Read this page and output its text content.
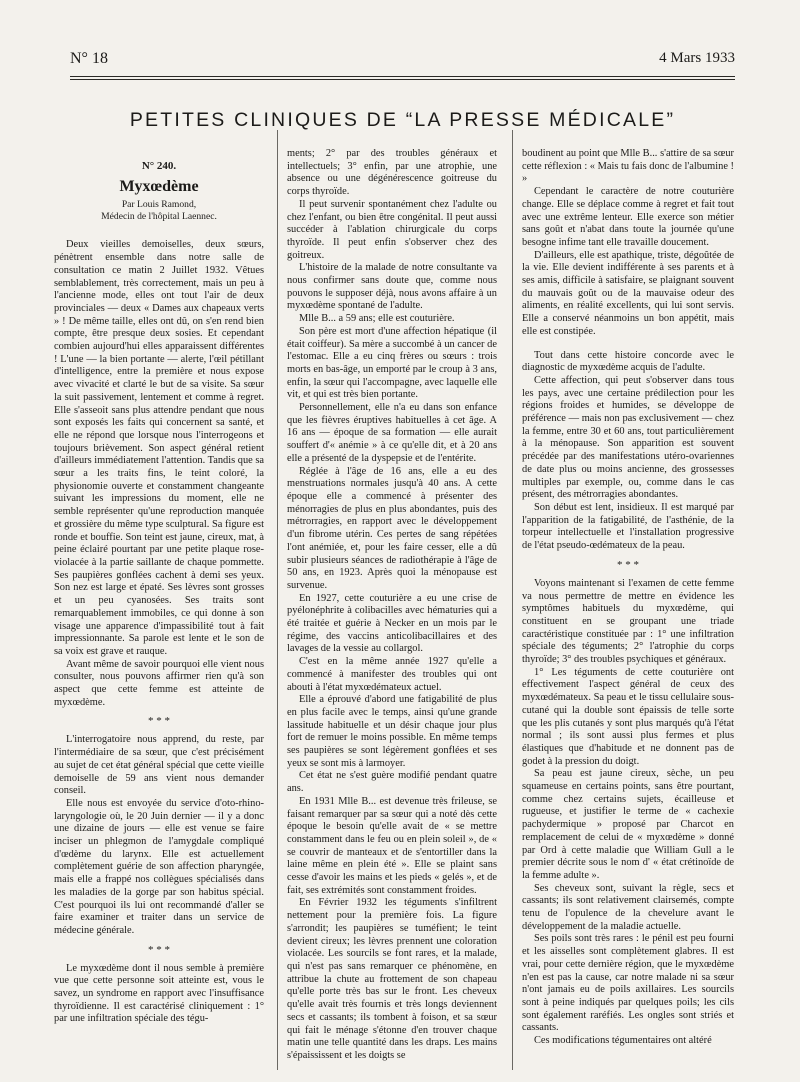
N° 18	4 Mars 1933
PETITES CLINIQUES DE “LA PRESSE MÉDICALE”
N° 240.
Myxœdème
Par Louis Ramond,
Médecin de l'hôpital Laennec.

Deux vieilles demoiselles, deux sœurs, pénètrent ensemble dans notre salle de consultation ce matin 2 Juillet 1932. Vêtues semblablement, très correctement, mais un peu à l'ancienne mode, elles ont tout l'air de deux provinciales — deux « Dames aux chapeaux verts » ! De même taille, elles ont dû, on s'en rend bien compte, être presque deux sosies. Et cependant combien aujourd'hui elles apparaissent différentes ! L'une — la bien portante — alerte, l'œil pétillant d'intelligence, entre la première et nous expose avec vivacité et clarté le but de sa visite. Sa sœur la suit passivement, lentement et comme à regret. Elle s'asseoit sans plus attendre pendant que nous sont exposés les faits qui concernent sa santé, et elle ne répond que lorsque nous l'interrogeons et toujours brièvement. Son aspect général retient d'ailleurs immédiatement l'attention. Tandis que sa sœur a les traits fins, le teint coloré, la physionomie ouverte et constamment changeante suivant les impressions du moment, elle ne semble représenter qu'une reproduction manquée et grossière du même type sculptural. Sa figure est ronde et bouffie. Son teint est jaune, cireux, mat, à peine éclairé pourtant par une petite plaque rose-violacée à la partie saillante de chaque pommette. Ses paupières gonflées cachent à demi ses yeux. Son nez est large et épaté. Ses lèvres sont grosses et un peu cyanosées. Ses traits sont remarquablement immobiles, ce qui donne à son visage une apparence d'impassibilité tout à fait impressionnante. Sa parole est lente et le son de sa voix est grave et rauque.

Avant même de savoir pourquoi elle vient nous consulter, nous pouvons affirmer rien qu'à son aspect que cette femme est atteinte de myxœdème.

* * *

L'interrogatoire nous apprend, du reste, par l'intermédiaire de sa sœur, que c'est précisément au sujet de cet état général spécial que cette vieille demoiselle de 59 ans vient nous demander conseil.

Elle nous est envoyée du service d'oto-rhino-laryngologie où, le 20 Juin dernier — il y a donc une dizaine de jours — elle est venue se faire inciser un phlegmon de l'amygdale compliqué d'œdème du larynx. Elle est actuellement complètement guérie de son affection pharyngée, mais elle a frappé nos collègues spécialisés dans les maladies de la gorge par son habitus spécial. C'est pourquoi ils lui ont recommandé d'aller se faire examiner et traiter dans un service de médecine générale.

* * *

Le myxœdème dont il nous semble à première vue que cette personne soit atteinte est, vous le savez, un syndrome en rapport avec l'insuffisance thyroïdienne. Il est caractérisé cliniquement : 1° par une infiltration spéciale des tégu-

ments; 2° par des troubles généraux et intellectuels; 3° enfin, par une atrophie, une absence ou une dégénérescence goitreuse du corps thyroïde.

Il peut survenir spontanément chez l'adulte ou chez l'enfant, ou bien être congénital. Il peut aussi succéder à l'ablation chirurgicale du corps thyroïde. Il peut enfin s'observer chez des goitreux.

L'histoire de la malade de notre consultante va nous confirmer sans doute que, comme nous pouvons le supposer déjà, nous avons affaire à un myxœdème spontané de l'adulte.

Mlle B... a 59 ans; elle est couturière.

Son père est mort d'une affection hépatique (il était coiffeur). Sa mère a succombé à un cancer de l'estomac. Elle a eu cinq frères ou sœurs : trois morts en bas-âge, un emporté par le croup à 3 ans, enfin, la sœur qui l'accompagne, avec laquelle elle vit, et qui est très bien portante.

Personnellement, elle n'a eu dans son enfance que les fièvres éruptives habituelles à cet âge. A 16 ans — époque de sa formation — elle aurait souffert d'« anémie » à ce qu'elle dit, et à 20 ans elle a présenté de la dyspepsie et de l'entérite.

Réglée à l'âge de 16 ans, elle a eu des menstruations normales jusqu'à 40 ans. A cette époque elle a commencé à présenter des ménorragies de plus en plus abondantes, puis des métrorragies, en rapport avec le développement d'un fibrome utérin. Ces pertes de sang répétées l'ont anémiée, et, pour les faire cesser, elle a dû subir plusieurs séances de radiothérapie à l'âge de 50 ans, en 1923. Après quoi la ménopause est survenue.

En 1927, cette couturière a eu une crise de pyélonéphrite à colibacilles avec hématuries qui a été traitée et guérie à Necker en un mois par le régime, des vaccins anticolibacillaires et des lavages de la vessie au collargol.

C'est en la même année 1927 qu'elle a commencé à manifester des troubles qui ont abouti à l'état myxœdémateux actuel.

Elle a éprouvé d'abord une fatigabilité de plus en plus facile avec le temps, ainsi qu'une grande lassitude habituelle et un désir chaque jour plus fort de remuer le moins possible. En même temps ses paupières se sont légèrement gonflées et ses yeux se sont mis à larmoyer.

Cet état ne s'est guère modifié pendant quatre ans.

En 1931 Mlle B... est devenue très frileuse, se faisant remarquer par sa sœur qui a noté dès cette époque le besoin qu'elle avait de « se mettre constamment dans le feu ou en plein soleil », de « se couvrir de manteaux et de s'entortiller dans la laine même en plein été ». Elle se plaint sans cesse d'avoir les mains et les pieds « gelés », et de fait, ses extrémités sont constamment froides.

En Février 1932 les téguments s'infiltrent nettement pour la première fois. La figure s'arrondit; les paupières se tuméfient; le teint devient cireux; les lèvres prennent une coloration violacée. Les sourcils se font rares, et la malade, qui n'est pas sans remarquer ce phénomène, en attribue la chute au frottement de son chapeau qu'elle porte très bas sur le front. Les cheveux qu'elle avait très fournis et très longs deviennent secs et cassants; ils tombent à foison, et sa sœur qui fait le ménage s'étonne d'en trouver chaque matin une telle quantité dans les draps. Les mains s'épaississent et les doigts se

boudinent au point que Mlle B... s'attire de sa sœur cette réflexion : « Mais tu fais donc de l'albumine ! »

Cependant le caractère de notre couturière change. Elle se déplace comme à regret et fait tout avec une extrême lenteur. Elle exerce son métier sans goût et n'abat dans toute la journée qu'une besogne infime tant elle travaille doucement.

D'ailleurs, elle est apathique, triste, dégoûtée de la vie. Elle devient indifférente à ses parents et à ses amis, difficile à satisfaire, se plaignant souvent du mauvais goût ou de la mauvaise odeur des aliments, en réalité excellents, qui lui sont servis. Elle a conservé néanmoins un bon appétit, mais elle est constipée.

Tout dans cette histoire concorde avec le diagnostic de myxœdème acquis de l'adulte.

Cette affection, qui peut s'observer dans tous les pays, avec une certaine prédilection pour les régions froides et humides, se développe de préférence — mais non pas exclusivement — chez la femme, entre 30 et 60 ans, tout particulièrement à la ménopause. Son apparition est souvent précédée par des manifestations utéro-ovariennes de date plus ou moins ancienne, des grossesses multiples par exemple, ou, comme dans le cas présent, des métrorragies abondantes.

Son début est lent, insidieux. Il est marqué par l'apparition de la fatigabilité, de l'asthénie, de la torpeur intellectuelle et l'installation progressive de l'état pseudo-œdémateux de la peau.

* * *

Voyons maintenant si l'examen de cette femme va nous permettre de mettre en évidence les symptômes habituels du myxœdème, qui constituent en se groupant une triade caractéristique constituée par : 1° une infiltration spéciale des téguments; 2° l'atrophie du corps thyroïde; 3° des troubles psychiques et généraux.

1° Les téguments de cette couturière ont effectivement l'aspect général de ceux des myxœdémateux. Sa peau et le tissu cellulaire sous-cutané qui la double sont épaissis de telle sorte que les plis cutanés y sont plus marqués qu'à l'état normal ; ils sont aussi plus fermes et plus élastiques que d'habitude et ne donnent pas de godet à la pression du doigt.

Sa peau est jaune cireux, sèche, un peu squameuse en certains points, sans être pourtant, comme chez certains sujets, écailleuse et rugueuse, et justifier le terme de « cachexie pachydermique » proposé par Charcot en remplacement de celui de « myxœdème » donné par Ord à cette maladie que William Gull a le premier décrite sous le nom d' « état crétinoïde de la femme adulte ».

Ses cheveux sont, suivant la règle, secs et cassants; ils sont relativement clairsemés, compte tenu de l'opulence de la chevelure avant le développement de la maladie actuelle.

Ses poils sont très rares : le pénil est peu fourni et les aisselles sont complètement glabres. Il est vrai, pour cette dernière région, que le myxœdème n'en est pas la cause, car notre malade ni sa sœur n'ont jamais eu de poils axillaires. Les sourcils sont à peine indiqués par quelques poils; les cils sont également raréfiés. Les ongles sont striés et cassants.

Ces modifications tégumentaires ont altéré
